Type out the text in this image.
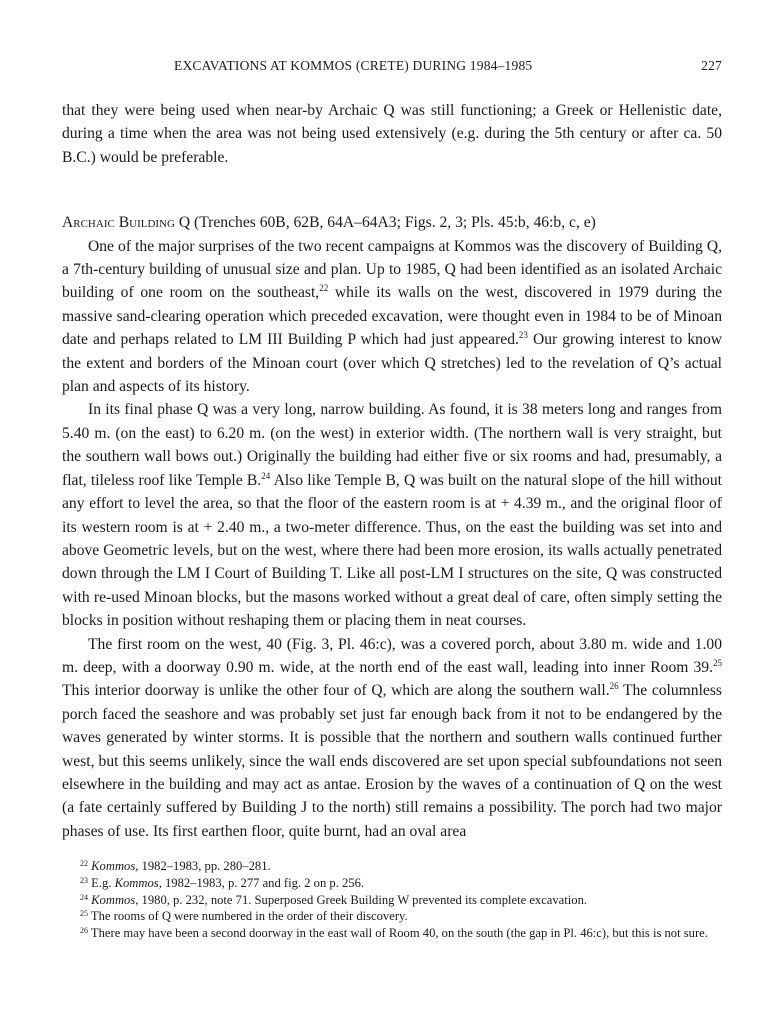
EXCAVATIONS AT KOMMOS (CRETE) DURING 1984–1985	227

that they were being used when near-by Archaic Q was still functioning; a Greek or Hellenistic date, during a time when the area was not being used extensively (e.g. during the 5th century or after ca. 50 B.C.) would be preferable.

Archaic Building Q (Trenches 60B, 62B, 64A–64A3; Figs. 2, 3; Pls. 45:b, 46:b, c, e)

One of the major surprises of the two recent campaigns at Kommos was the discovery of Building Q, a 7th-century building of unusual size and plan. Up to 1985, Q had been identified as an isolated Archaic building of one room on the southeast,$^{22}$ while its walls on the west, discovered in 1979 during the massive sand-clearing operation which preceded excavation, were thought even in 1984 to be of Minoan date and perhaps related to LM III Building P which had just appeared.$^{23}$ Our growing interest to know the extent and borders of the Minoan court (over which Q stretches) led to the revelation of Q’s actual plan and aspects of its history.

In its final phase Q was a very long, narrow building. As found, it is 38 meters long and ranges from 5.40 m. (on the east) to 6.20 m. (on the west) in exterior width. (The northern wall is very straight, but the southern wall bows out.) Originally the building had either five or six rooms and had, presumably, a flat, tileless roof like Temple B.$^{24}$ Also like Temple B, Q was built on the natural slope of the hill without any effort to level the area, so that the floor of the eastern room is at + 4.39 m., and the original floor of its western room is at + 2.40 m., a two-meter difference. Thus, on the east the building was set into and above Geometric levels, but on the west, where there had been more erosion, its walls actually penetrated down through the LM I Court of Building T. Like all post-LM I structures on the site, Q was constructed with re-used Minoan blocks, but the masons worked without a great deal of care, often simply setting the blocks in position without reshaping them or placing them in neat courses.

The first room on the west, 40 (Fig. 3, Pl. 46:c), was a covered porch, about 3.80 m. wide and 1.00 m. deep, with a doorway 0.90 m. wide, at the north end of the east wall, leading into inner Room 39.25 This interior doorway is unlike the other four of Q, which are along the southern wall.$^{26}$ The columnless porch faced the seashore and was probably set just far enough back from it not to be endangered by the waves generated by winter storms. It is possible that the northern and southern walls continued further west, but this seems unlikely, since the wall ends discovered are set upon special subfoundations not seen elsewhere in the building and may act as antae. Erosion by the waves of a continuation of Q on the west (a fate certainly suffered by Building J to the north) still remains a possibility. The porch had two major phases of use. Its first earthen floor, quite burnt, had an oval area

$^{22}$ Kommos, 1982–1983, pp. 280–281.

$^{23}$ E.g. Kommos, 1982–1983, p. 277 and fig. 2 on p. 256.

$^{24}$ Kommos, 1980, p. 232, note 71. Superposed Greek Building W prevented its complete excavation.

$^{25}$ The rooms of Q were numbered in the order of their discovery.

$^{26}$ There may have been a second doorway in the east wall of Room 40, on the south (the gap in Pl. 46:c), but this is not sure.
